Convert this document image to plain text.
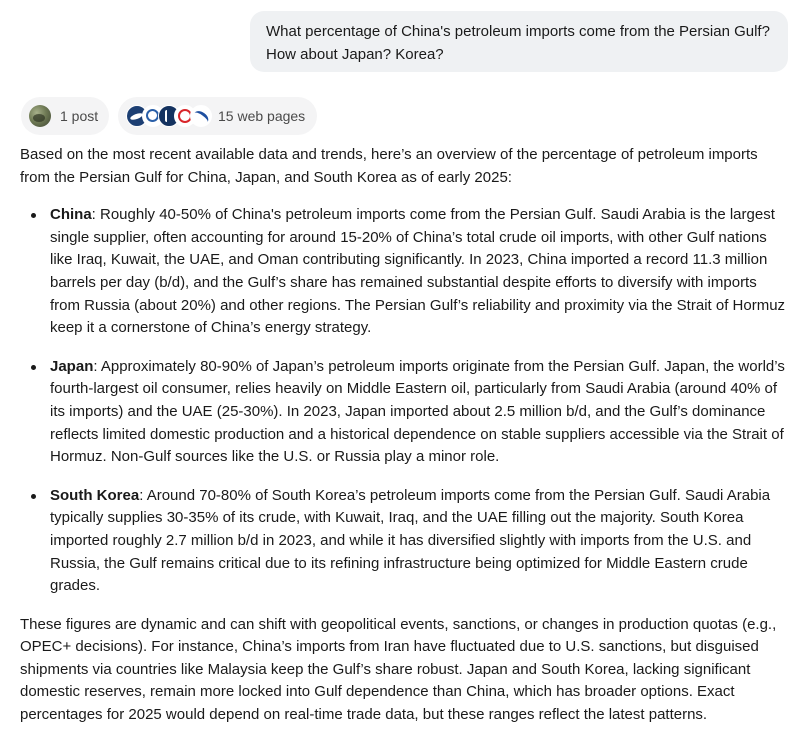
What percentage of China's petroleum imports come from the Persian Gulf? How about Japan? Korea?
1 post	15 web pages

Based on the most recent available data and trends, here’s an overview of the percentage of petroleum imports from the Persian Gulf for China, Japan, and South Korea as of early 2025:

China: Roughly 40-50% of China's petroleum imports come from the Persian Gulf. Saudi Arabia is the largest single supplier, often accounting for around 15-20% of China’s total crude oil imports, with other Gulf nations like Iraq, Kuwait, the UAE, and Oman contributing significantly. In 2023, China imported a record 11.3 million barrels per day (b/d), and the Gulf’s share has remained substantial despite efforts to diversify with imports from Russia (about 20%) and other regions. The Persian Gulf’s reliability and proximity via the Strait of Hormuz keep it a cornerstone of China’s energy strategy.
Japan: Approximately 80-90% of Japan’s petroleum imports originate from the Persian Gulf. Japan, the world’s fourth-largest oil consumer, relies heavily on Middle Eastern oil, particularly from Saudi Arabia (around 40% of its imports) and the UAE (25-30%). In 2023, Japan imported about 2.5 million b/d, and the Gulf’s dominance reflects limited domestic production and a historical dependence on stable suppliers accessible via the Strait of Hormuz. Non-Gulf sources like the U.S. or Russia play a minor role.
South Korea: Around 70-80% of South Korea’s petroleum imports come from the Persian Gulf. Saudi Arabia typically supplies 30-35% of its crude, with Kuwait, Iraq, and the UAE filling out the majority. South Korea imported roughly 2.7 million b/d in 2023, and while it has diversified slightly with imports from the U.S. and Russia, the Gulf remains critical due to its refining infrastructure being optimized for Middle Eastern crude grades.

These figures are dynamic and can shift with geopolitical events, sanctions, or changes in production quotas (e.g., OPEC+ decisions). For instance, China’s imports from Iran have fluctuated due to U.S. sanctions, but disguised shipments via countries like Malaysia keep the Gulf’s share robust. Japan and South Korea, lacking significant domestic reserves, remain more locked into Gulf dependence than China, which has broader options. Exact percentages for 2025 would depend on real-time trade data, but these ranges reflect the latest patterns.
